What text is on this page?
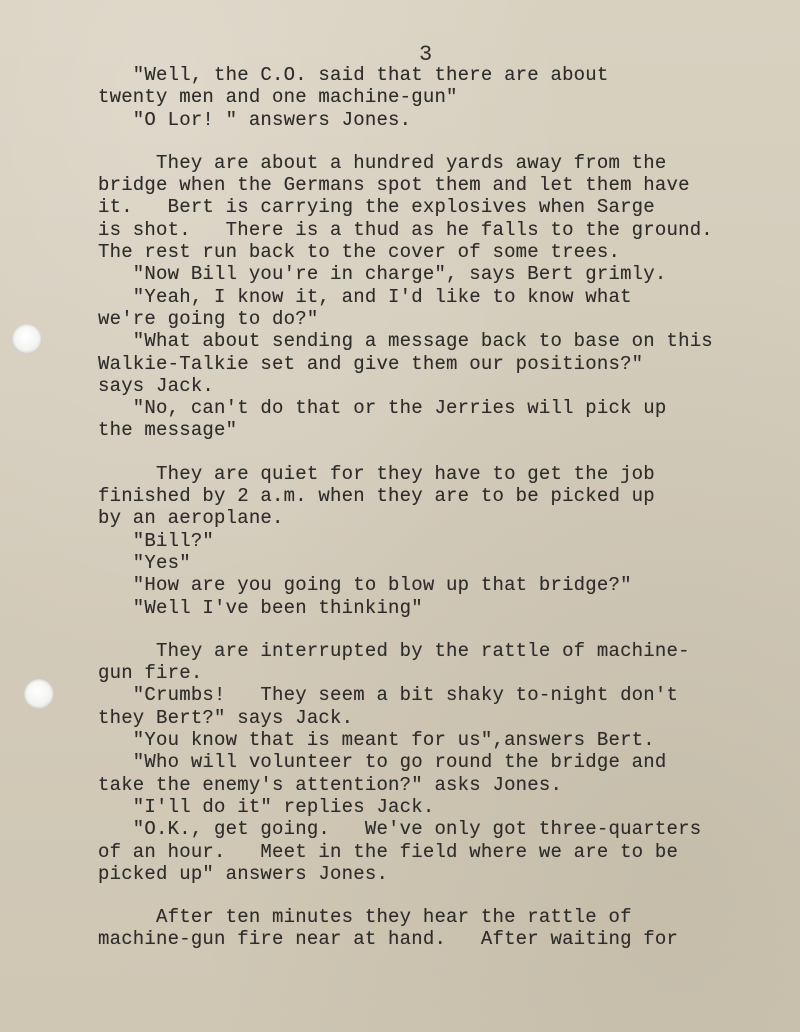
3
"Well, the C.O. said that there are about
twenty men and one machine-gun"
"O Lor! " answers Jones.
They are about a hundred yards away from the
bridge when the Germans spot them and let them have
it.   Bert is carrying the explosives when Sarge
is shot.   There is a thud as he falls to the ground.
The rest run back to the cover of some trees.
"Now Bill you're in charge", says Bert grimly.
"Yeah, I know it, and I'd like to know what
we're going to do?"
"What about sending a message back to base on this
Walkie-Talkie set and give them our positions?"
says Jack.
"No, can't do that or the Jerries will pick up
the message"
They are quiet for they have to get the job
finished by 2 a.m. when they are to be picked up
by an aeroplane.
"Bill?"
"Yes"
"How are you going to blow up that bridge?"
"Well I've been thinking"
They are interrupted by the rattle of machine-
gun fire.
"Crumbs!   They seem a bit shaky to-night don't
they Bert?" says Jack.
"You know that is meant for us",answers Bert.
"Who will volunteer to go round the bridge and
take the enemy's attention?" asks Jones.
"I'll do it" replies Jack.
"O.K., get going.   We've only got three-quarters
of an hour.   Meet in the field where we are to be
picked up" answers Jones.
After ten minutes they hear the rattle of
machine-gun fire near at hand.   After waiting for
